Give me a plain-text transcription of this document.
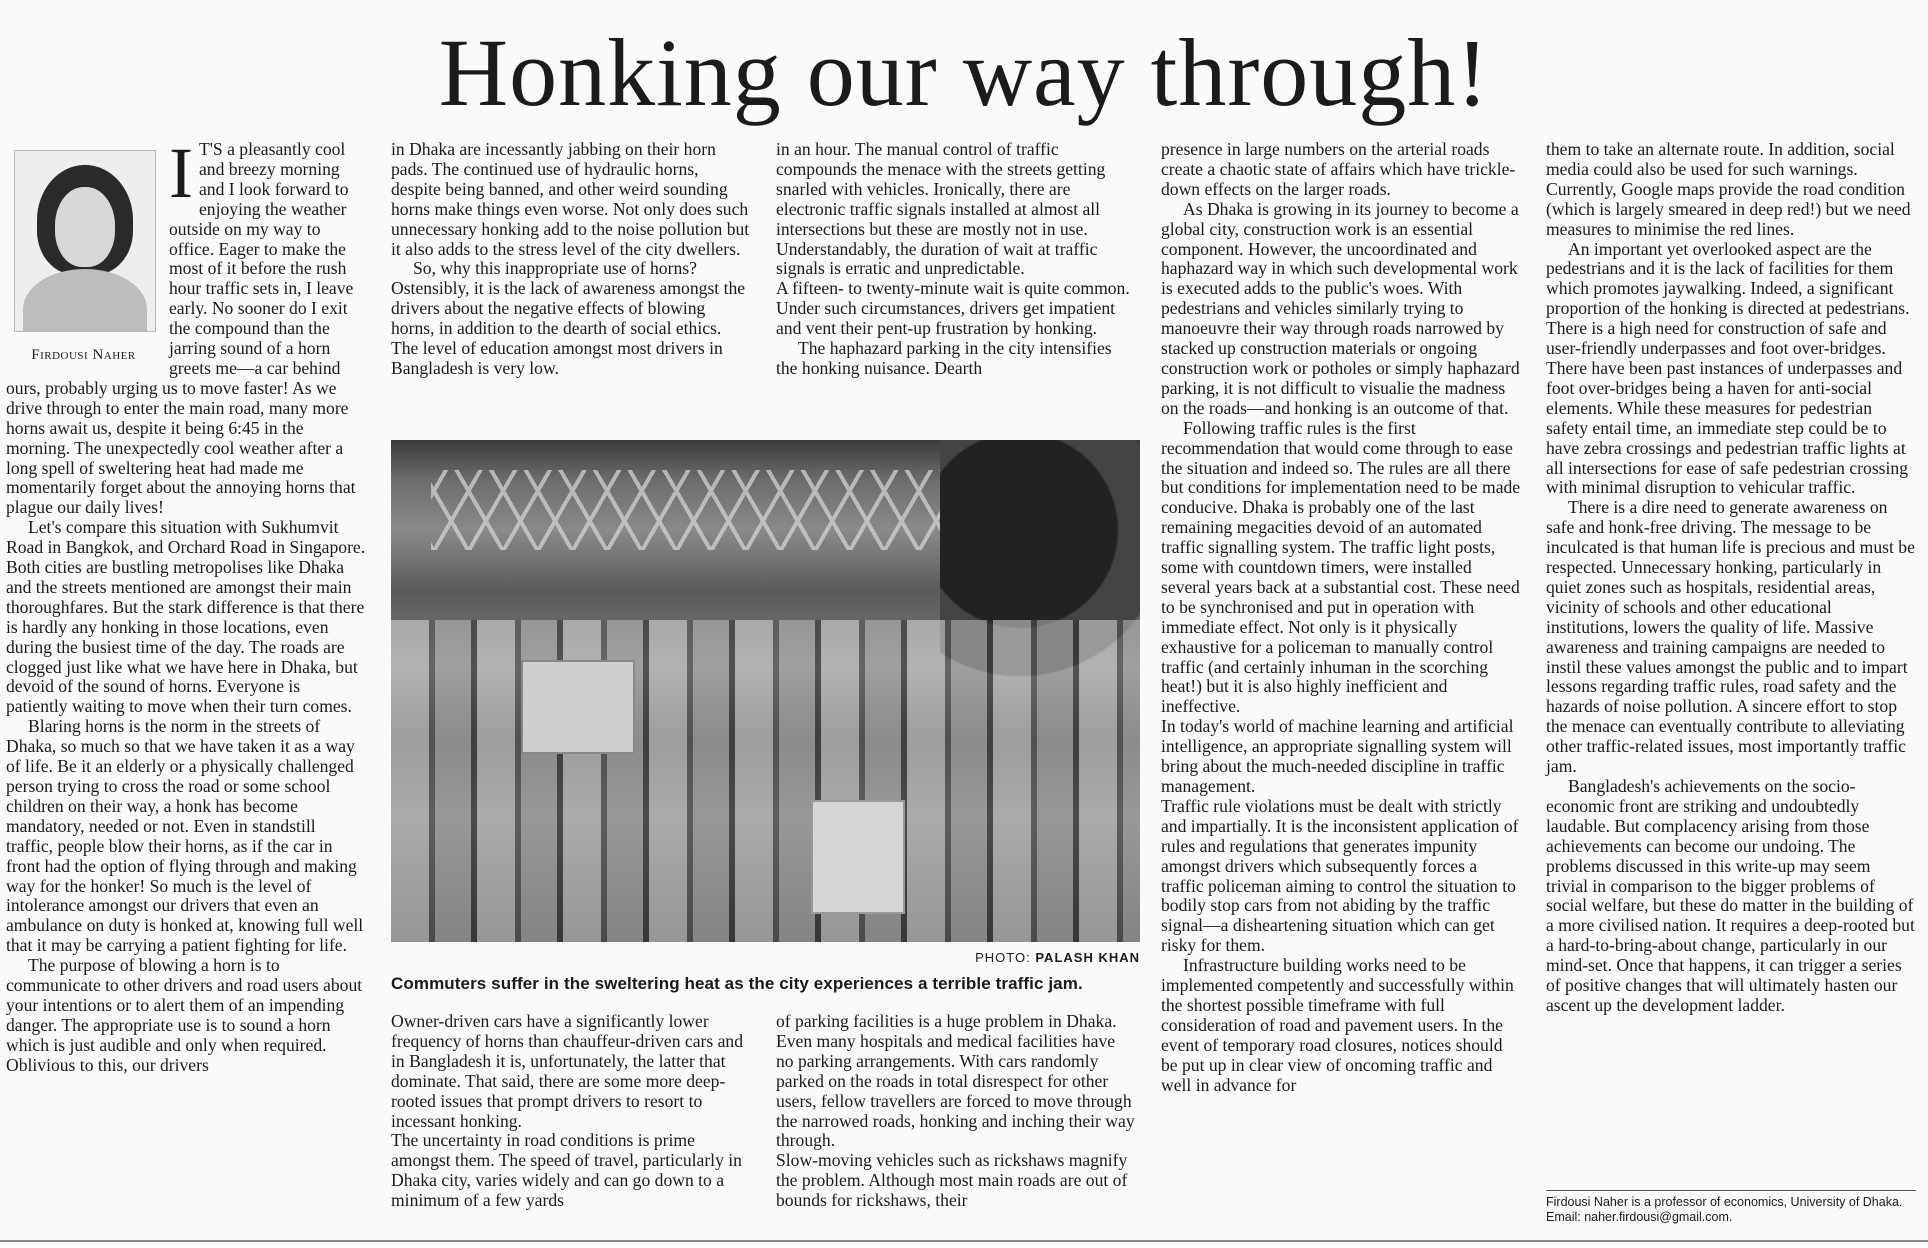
Honking our way through!
Firdousi Naher

I T'S a pleasantly cool and breezy morning and I look forward to enjoying the weather outside on my way to office. Eager to make the most of it before the rush hour traffic sets in, I leave early. No sooner do I exit the compound than the jarring sound of a horn greets me—a car behind ours, probably urging us to move faster! As we drive through to enter the main road, many more horns await us, despite it being 6:45 in the morning. The unexpectedly cool weather after a long spell of sweltering heat had made me momentarily forget about the annoying horns that plague our daily lives!

Let's compare this situation with Sukhumvit Road in Bangkok, and Orchard Road in Singapore. Both cities are bustling metropolises like Dhaka and the streets mentioned are amongst their main thoroughfares. But the stark difference is that there is hardly any honking in those locations, even during the busiest time of the day. The roads are clogged just like what we have here in Dhaka, but devoid of the sound of horns. Everyone is patiently waiting to move when their turn comes.

Blaring horns is the norm in the streets of Dhaka, so much so that we have taken it as a way of life. Be it an elderly or a physically challenged person trying to cross the road or some school children on their way, a honk has become mandatory, needed or not. Even in standstill traffic, people blow their horns, as if the car in front had the option of flying through and making way for the honker! So much is the level of intolerance amongst our drivers that even an ambulance on duty is honked at, knowing full well that it may be carrying a patient fighting for life.

The purpose of blowing a horn is to communicate to other drivers and road users about your intentions or to alert them of an impending danger. The appropriate use is to sound a horn which is just audible and only when required. Oblivious to this, our drivers

in Dhaka are incessantly jabbing on their horn pads. The continued use of hydraulic horns, despite being banned, and other weird sounding horns make things even worse. Not only does such unnecessary honking add to the noise pollution but it also adds to the stress level of the city dwellers.

So, why this inappropriate use of horns? Ostensibly, it is the lack of awareness amongst the drivers about the negative effects of blowing horns, in addition to the dearth of social ethics. The level of education amongst most drivers in Bangladesh is very low.

in an hour. The manual control of traffic compounds the menace with the streets getting snarled with vehicles. Ironically, there are electronic traffic signals installed at almost all intersections but these are mostly not in use. Understandably, the duration of wait at traffic signals is erratic and unpredictable.

A fifteen- to twenty-minute wait is quite common. Under such circumstances, drivers get impatient and vent their pent-up frustration by honking.

The haphazard parking in the city intensifies the honking nuisance. Dearth

PHOTO: PALASH KHAN
Commuters suffer in the sweltering heat as the city experiences a terrible traffic jam.

Owner-driven cars have a significantly lower frequency of horns than chauffeur-driven cars and in Bangladesh it is, unfortunately, the latter that dominate. That said, there are some more deep-rooted issues that prompt drivers to resort to incessant honking.

The uncertainty in road conditions is prime amongst them. The speed of travel, particularly in Dhaka city, varies widely and can go down to a minimum of a few yards

of parking facilities is a huge problem in Dhaka. Even many hospitals and medical facilities have no parking arrangements. With cars randomly parked on the roads in total disrespect for other users, fellow travellers are forced to move through the narrowed roads, honking and inching their way through.

Slow-moving vehicles such as rickshaws magnify the problem. Although most main roads are out of bounds for rickshaws, their

presence in large numbers on the arterial roads create a chaotic state of affairs which have trickle-down effects on the larger roads.

As Dhaka is growing in its journey to become a global city, construction work is an essential component. However, the uncoordinated and haphazard way in which such developmental work is executed adds to the public's woes. With pedestrians and vehicles similarly trying to manoeuvre their way through roads narrowed by stacked up construction materials or ongoing construction work or potholes or simply haphazard parking, it is not difficult to visualie the madness on the roads—and honking is an outcome of that.

Following traffic rules is the first recommendation that would come through to ease the situation and indeed so. The rules are all there but conditions for implementation need to be made conducive. Dhaka is probably one of the last remaining megacities devoid of an automated traffic signalling system. The traffic light posts, some with countdown timers, were installed several years back at a substantial cost. These need to be synchronised and put in operation with immediate effect. Not only is it physically exhaustive for a policeman to manually control traffic (and certainly inhuman in the scorching heat!) but it is also highly inefficient and ineffective.

In today's world of machine learning and artificial intelligence, an appropriate signalling system will bring about the much-needed discipline in traffic management.

Traffic rule violations must be dealt with strictly and impartially. It is the inconsistent application of rules and regulations that generates impunity amongst drivers which subsequently forces a traffic policeman aiming to control the situation to bodily stop cars from not abiding by the traffic signal—a disheartening situation which can get risky for them.

Infrastructure building works need to be implemented competently and successfully within the shortest possible timeframe with full consideration of road and pavement users. In the event of temporary road closures, notices should be put up in clear view of oncoming traffic and well in advance for

them to take an alternate route. In addition, social media could also be used for such warnings. Currently, Google maps provide the road condition (which is largely smeared in deep red!) but we need measures to minimise the red lines.

An important yet overlooked aspect are the pedestrians and it is the lack of facilities for them which promotes jaywalking. Indeed, a significant proportion of the honking is directed at pedestrians. There is a high need for construction of safe and user-friendly underpasses and foot over-bridges. There have been past instances of underpasses and foot over-bridges being a haven for anti-social elements. While these measures for pedestrian safety entail time, an immediate step could be to have zebra crossings and pedestrian traffic lights at all intersections for ease of safe pedestrian crossing with minimal disruption to vehicular traffic.

There is a dire need to generate awareness on safe and honk-free driving. The message to be inculcated is that human life is precious and must be respected. Unnecessary honking, particularly in quiet zones such as hospitals, residential areas, vicinity of schools and other educational institutions, lowers the quality of life. Massive awareness and training campaigns are needed to instil these values amongst the public and to impart lessons regarding traffic rules, road safety and the hazards of noise pollution. A sincere effort to stop the menace can eventually contribute to alleviating other traffic-related issues, most importantly traffic jam.

Bangladesh's achievements on the socio-economic front are striking and undoubtedly laudable. But complacency arising from those achievements can become our undoing. The problems discussed in this write-up may seem trivial in comparison to the bigger problems of social welfare, but these do matter in the building of a more civilised nation. It requires a deep-rooted but a hard-to-bring-about change, particularly in our mind-set. Once that happens, it can trigger a series of positive changes that will ultimately hasten our ascent up the development ladder.

Firdousi Naher is a professor of economics, University of Dhaka. Email: naher.firdousi@gmail.com.
